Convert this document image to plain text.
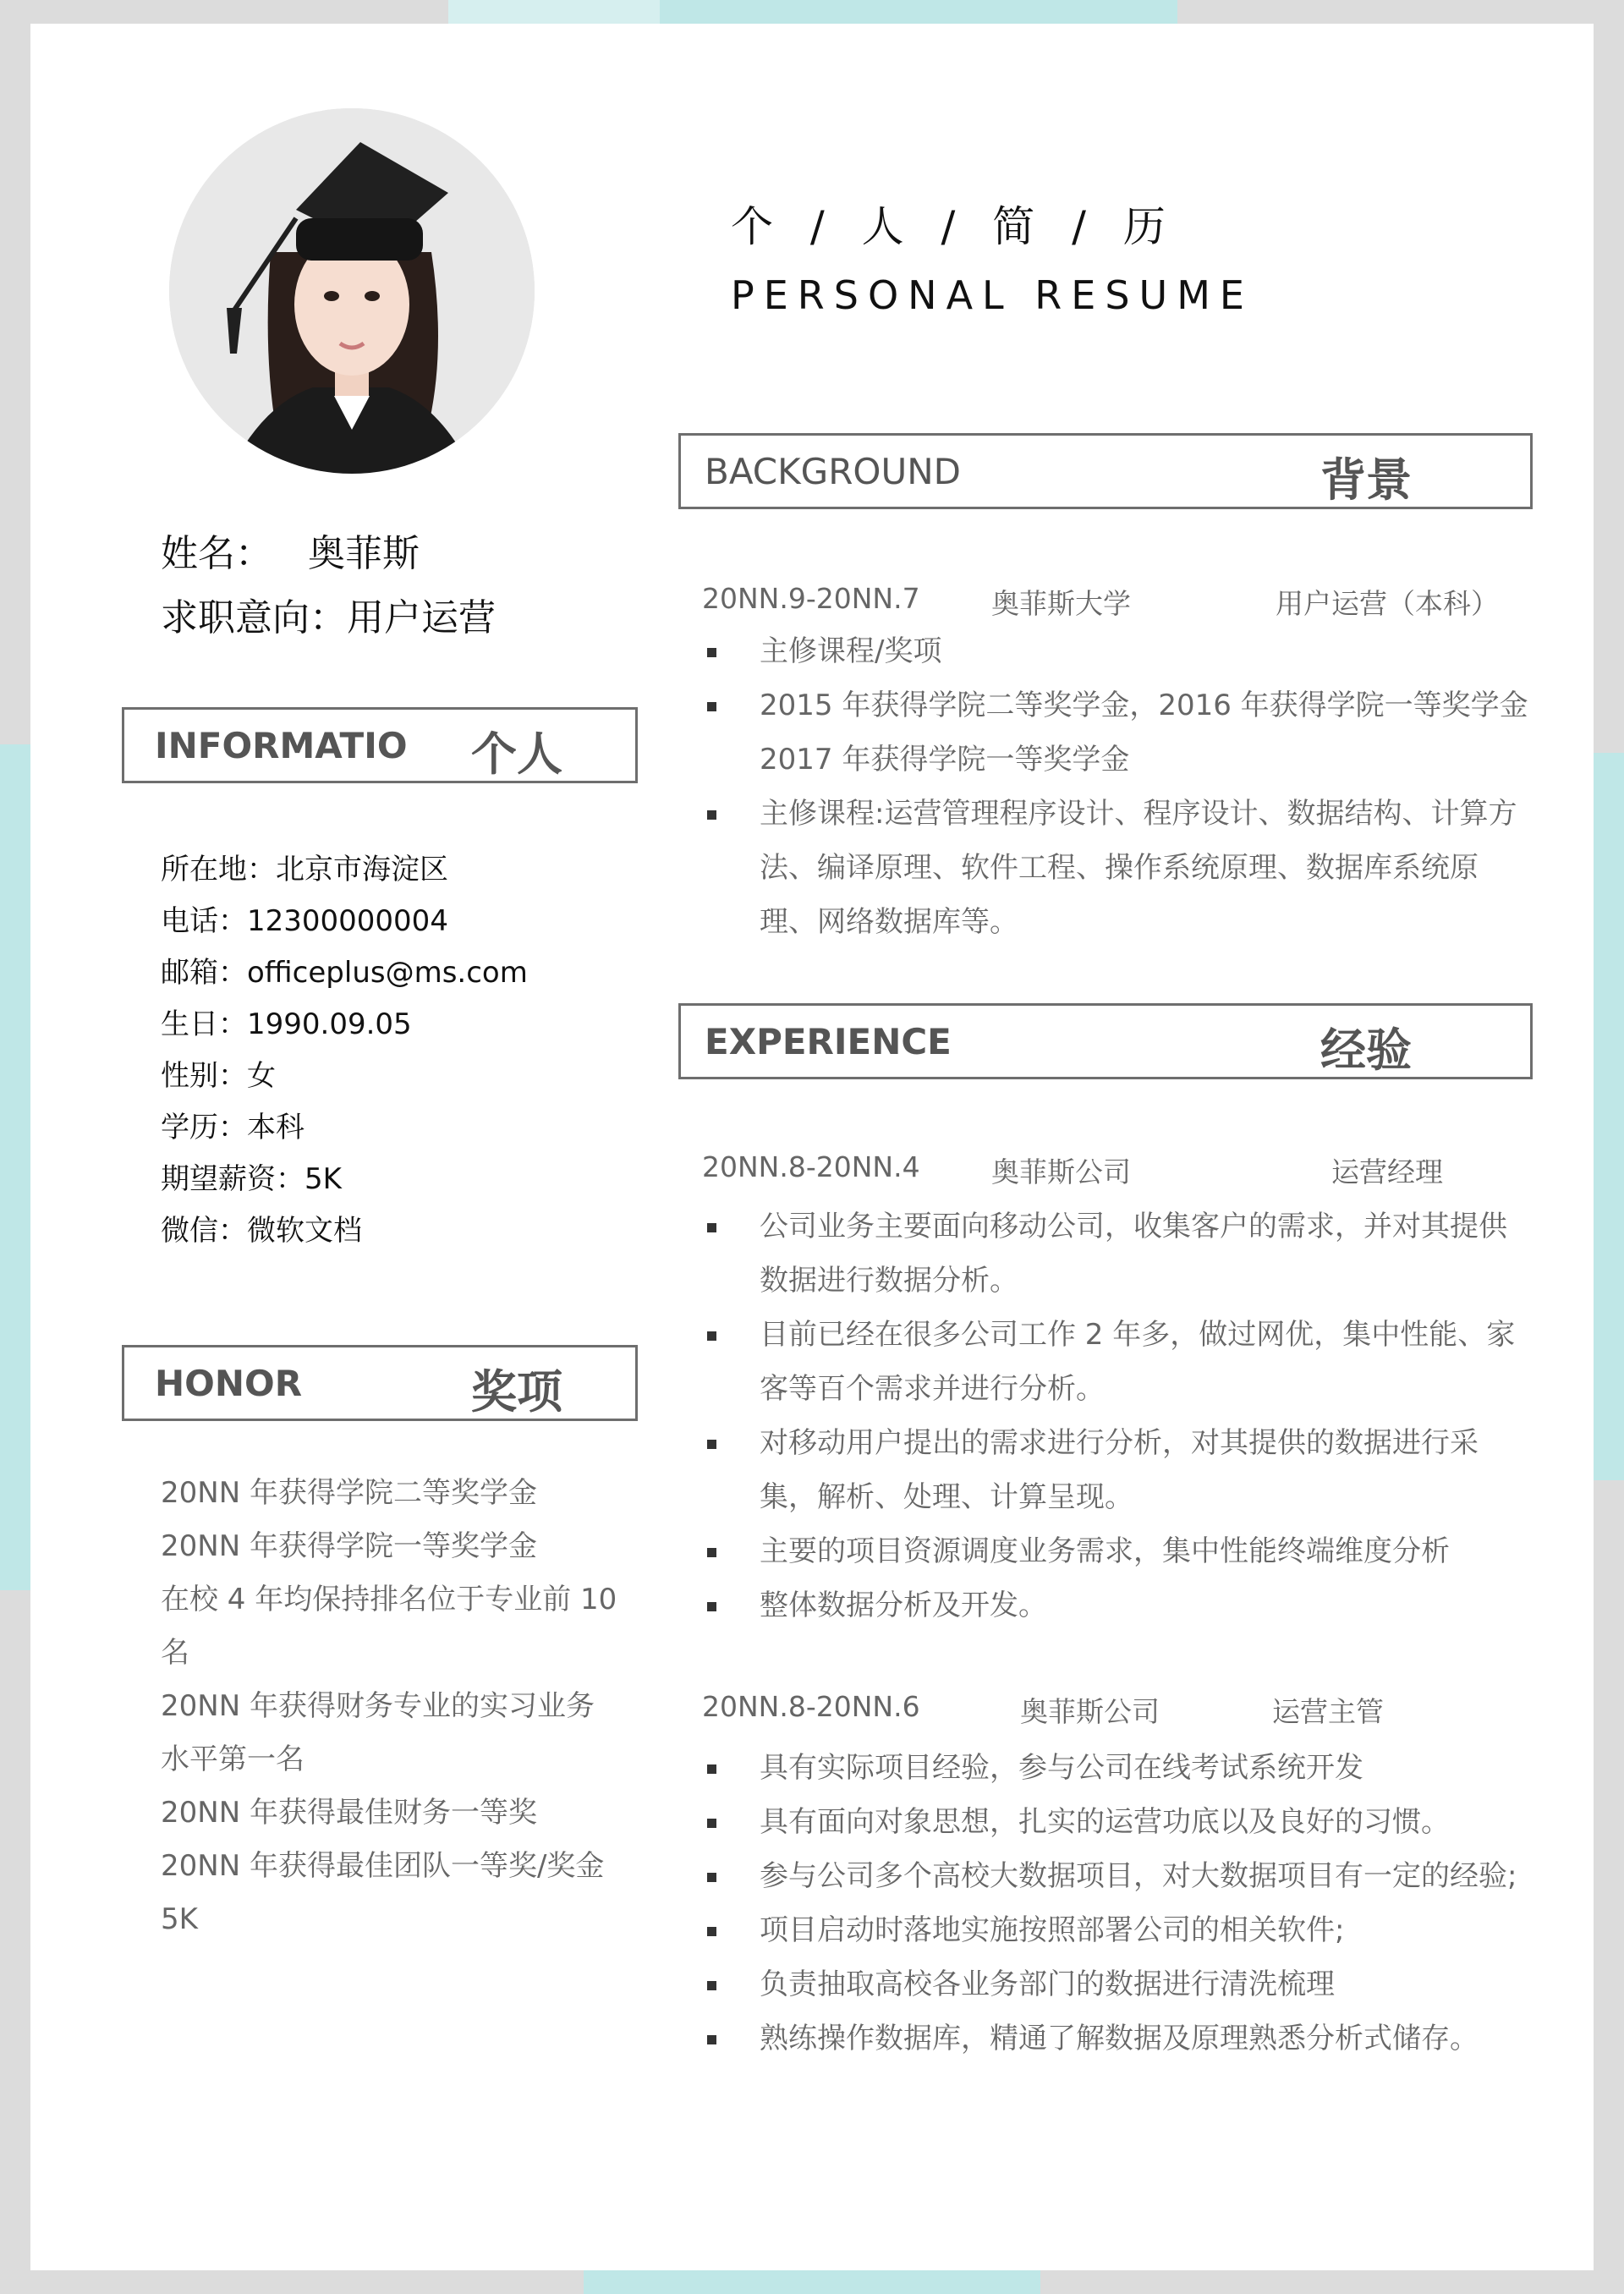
个 / 人 / 简 / 历
PERSONAL RESUME
姓名： 奥菲斯
求职意向：用户运营
INFORMATIO 个人
所在地：北京市海淀区
电话：12300000004
邮箱：officeplus@ms.com
生日：1990.09.05
性别：女
学历：本科
期望薪资：5K
微信：微软文档
HONOR	奖项
20NN 年获得学院二等奖学金
20NN 年获得学院一等奖学金
在校 4 年均保持排名位于专业前 10 名
20NN 年获得财务专业的实习业务水平第一名
20NN 年获得最佳财务一等奖
20NN 年获得最佳团队一等奖/奖金 5K
BACKGROUND	背景
20NN.9-20NN.7	奥菲斯大学	用户运营（本科）
主修课程/奖项
2015 年获得学院二等奖学金，2016 年获得学院一等奖学金 2017 年获得学院一等奖学金
主修课程:运营管理程序设计、程序设计、数据结构、计算方法、编译原理、软件工程、操作系统原理、数据库系统原理、网络数据库等。
EXPERIENCE	经验
20NN.8-20NN.4	奥菲斯公司	运营经理
公司业务主要面向移动公司，收集客户的需求，并对其提供数据进行数据分析。
目前已经在很多公司工作 2 年多，做过网优，集中性能、家客等百个需求并进行分析。
对移动用户提出的需求进行分析，对其提供的数据进行采集，解析、处理、计算呈现。
主要的项目资源调度业务需求，集中性能终端维度分析
整体数据分析及开发。
20NN.8-20NN.6	奥菲斯公司	运营主管
具有实际项目经验，参与公司在线考试系统开发
具有面向对象思想，扎实的运营功底以及良好的习惯。
参与公司多个高校大数据项目，对大数据项目有一定的经验;
项目启动时落地实施按照部署公司的相关软件;
负责抽取高校各业务部门的数据进行清洗梳理
熟练操作数据库，精通了解数据及原理熟悉分析式储存。
